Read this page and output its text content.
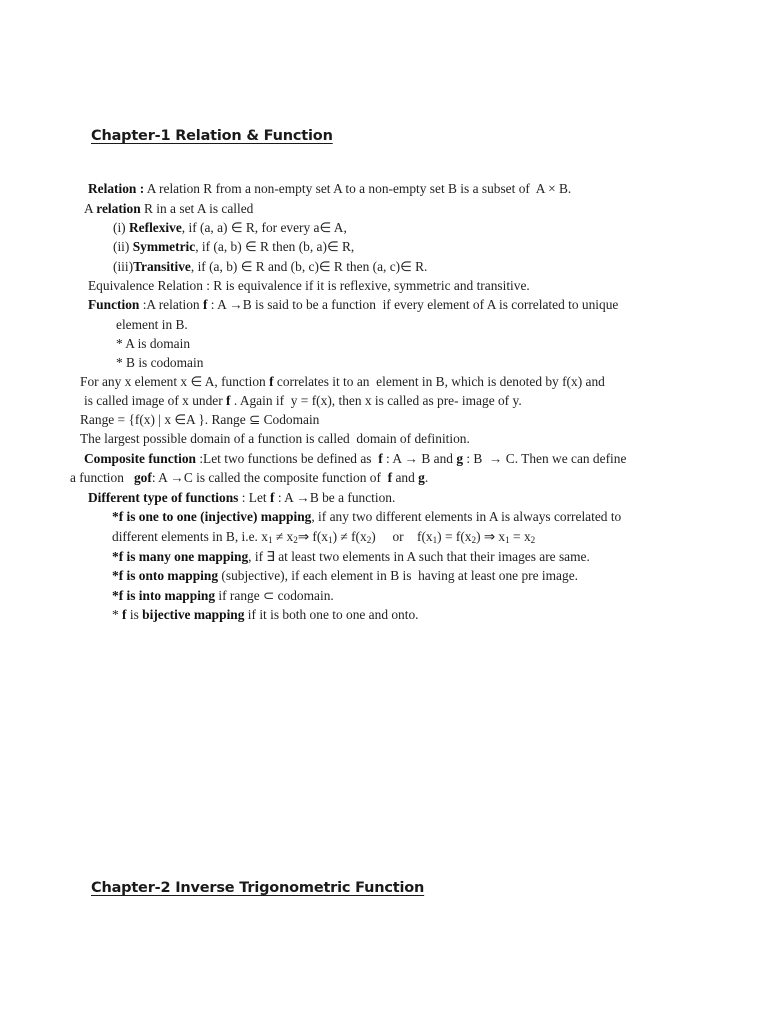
Chapter-1 Relation & Function

Relation : A relation R from a non-empty set A to a non-empty set B is a subset of  A × B.

A relation R in a set A is called

(i) Reflexive, if (a, a) ∈ R, for every a∈ A,

(ii) Symmetric, if (a, b) ∈ R then (b, a)∈ R,

(iii)Transitive, if (a, b) ∈ R and (b, c)∈ R then (a, c)∈ R.

Equivalence Relation : R is equivalence if it is reflexive, symmetric and transitive.

Function :A relation f : A →B is said to be a function  if every element of A is correlated to unique

element in B.

* A is domain

* B is codomain

For any x element x ∈ A, function f correlates it to an  element in B, which is denoted by f(x) and

is called image of x under f . Again if  y = f(x), then x is called as pre- image of y.

Range = {f(x) | x ∈A }. Range ⊆ Codomain

The largest possible domain of a function is called  domain of definition.

Composite function :Let two functions be defined as  f : A → B and g : B  → C. Then we can define

a function   gof: A →C is called the composite function of  f and g.

Different type of functions : Let f : A →B be a function.

*f is one to one (injective) mapping, if any two different elements in A is always correlated to

different elements in B, i.e. $x_1$ ≠ $x_2\Rightarrow$ $f(x_1) \ne f(x_2)$     or    $f(x_1) = f(x_2)$ ⇒ $x_1 = x_2$

*f is many one mapping, if ∃ at least two elements in A such that their images are same.

*f is onto mapping (subjective), if each element in B is  having at least one pre image.

*f is into mapping if range ⊂ codomain.

* f is bijective mapping if it is both one to one and onto.

Chapter-2 Inverse Trigonometric Function
